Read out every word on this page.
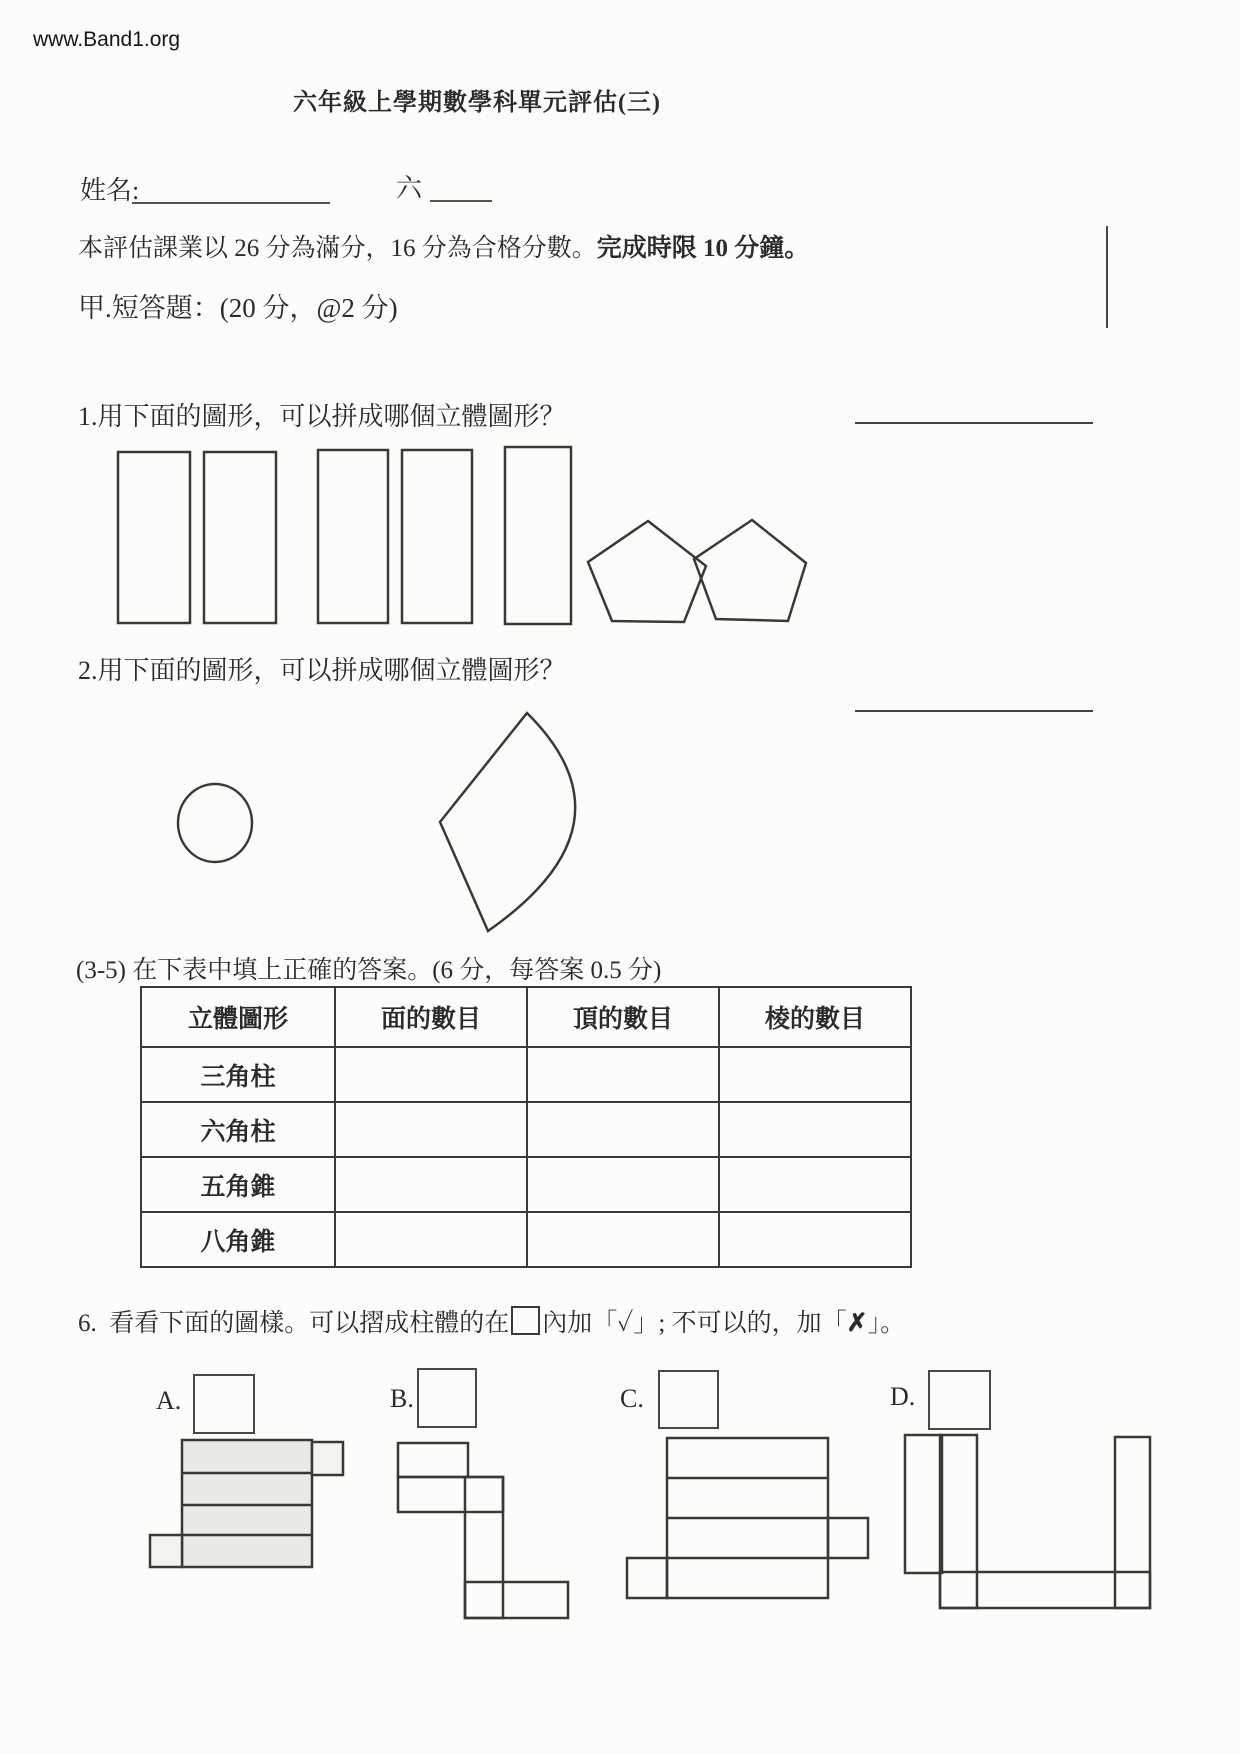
www.Band1.org
六年級上學期數學科單元評估(三)
姓名:	六
本評估課業以 26 分為滿分，16 分為合格分數。完成時限 10 分鐘。
甲.短答題：(20 分，@2 分)
1.用下面的圖形，可以拼成哪個立體圖形？
2.用下面的圖形，可以拼成哪個立體圖形？
(3-5) 在下表中填上正確的答案。(6 分，每答案 0.5 分)
立體圖形	面的數目	頂的數目	棱的數目
三角柱			
六角柱			
五角錐			
八角錐			
6. 看看下面的圖樣。可以摺成柱體的在 內加「✓」; 不可以的，加「✗」。
A.	B.	C.	D.
